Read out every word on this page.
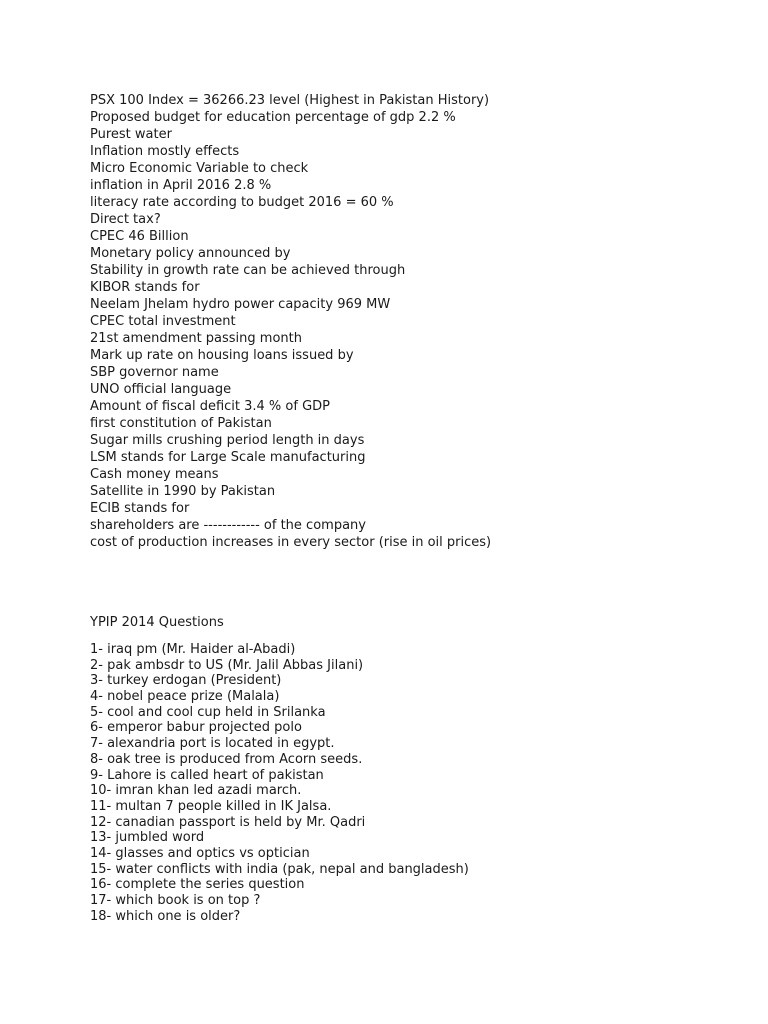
PSX 100 Index = 36266.23 level (Highest in Pakistan History)
Proposed budget for education percentage of gdp 2.2 %
Purest water
Inflation mostly effects
Micro Economic Variable to check
inflation in April 2016 2.8 %
literacy rate according to budget 2016 = 60 %
Direct tax?
CPEC 46 Billion
Monetary policy announced by
Stability in growth rate can be achieved through
KIBOR stands for
Neelam Jhelam hydro power capacity 969 MW
CPEC total investment
21st amendment passing month
Mark up rate on housing loans issued by
SBP governor name
UNO official language
Amount of fiscal deficit 3.4 % of GDP
first constitution of Pakistan
Sugar mills crushing period length in days
LSM stands for Large Scale manufacturing
Cash money means
Satellite in 1990 by Pakistan
ECIB stands for
shareholders are ------------ of the company
cost of production increases in every sector (rise in oil prices)
YPIP 2014 Questions
1- iraq pm (Mr. Haider al-Abadi)
2- pak ambsdr to US (Mr. Jalil Abbas Jilani)
3- turkey erdogan (President)
4- nobel peace prize (Malala)
5- cool and cool cup held in Srilanka
6- emperor babur projected polo
7- alexandria port is located in egypt.
8- oak tree is produced from Acorn seeds.
9- Lahore is called heart of pakistan
10- imran khan led azadi march.
11- multan 7 people killed in IK Jalsa.
12- canadian passport is held by Mr. Qadri
13- jumbled word
14- glasses and optics vs optician
15- water conflicts with india (pak, nepal and bangladesh)
16- complete the series question
17- which book is on top ?
18- which one is older?
